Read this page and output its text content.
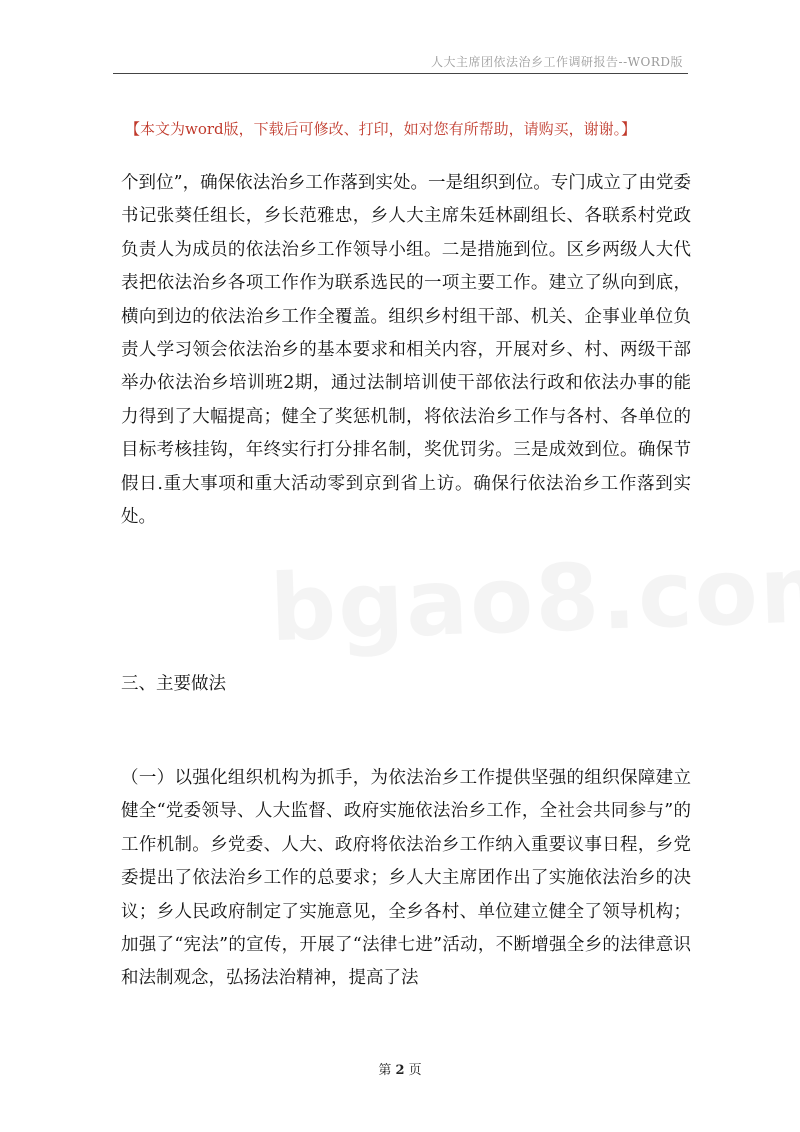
人大主席团依法治乡工作调研报告--WORD版
【本文为word版，下载后可修改、打印，如对您有所帮助，请购买，谢谢。】

个到位”，确保依法治乡工作落到实处。一是组织到位。专门成立了由党委书记张葵任组长，乡长范雅忠，乡人大主席朱廷林副组长、各联系村党政负责人为成员的依法治乡工作领导小组。二是措施到位。区乡两级人大代表把依法治乡各项工作作为联系选民的一项主要工作。建立了纵向到底，横向到边的依法治乡工作全覆盖。组织乡村组干部、机关、企事业单位负责人学习领会依法治乡的基本要求和相关内容，开展对乡、村、两级干部举办依法治乡培训班2期，通过法制培训使干部依法行政和依法办事的能力得到了大幅提高；健全了奖惩机制，将依法治乡工作与各村、各单位的目标考核挂钩，年终实行打分排名制，奖优罚劣。三是成效到位。确保节假日.重大事项和重大活动零到京到省上访。确保行依法治乡工作落到实处。

三、主要做法

（一）以强化组织机构为抓手，为依法治乡工作提供坚强的组织保障建立健全“党委领导、人大监督、政府实施依法治乡工作，全社会共同参与”的工作机制。乡党委、人大、政府将依法治乡工作纳入重要议事日程，乡党委提出了依法治乡工作的总要求；乡人大主席团作出了实施依法治乡的决议；乡人民政府制定了实施意见，全乡各村、单位建立健全了领导机构；加强了“宪法”的宣传，开展了“法律七进”活动，不断增强全乡的法律意识和法制观念，弘扬法治精神，提高了法

第 2 页
